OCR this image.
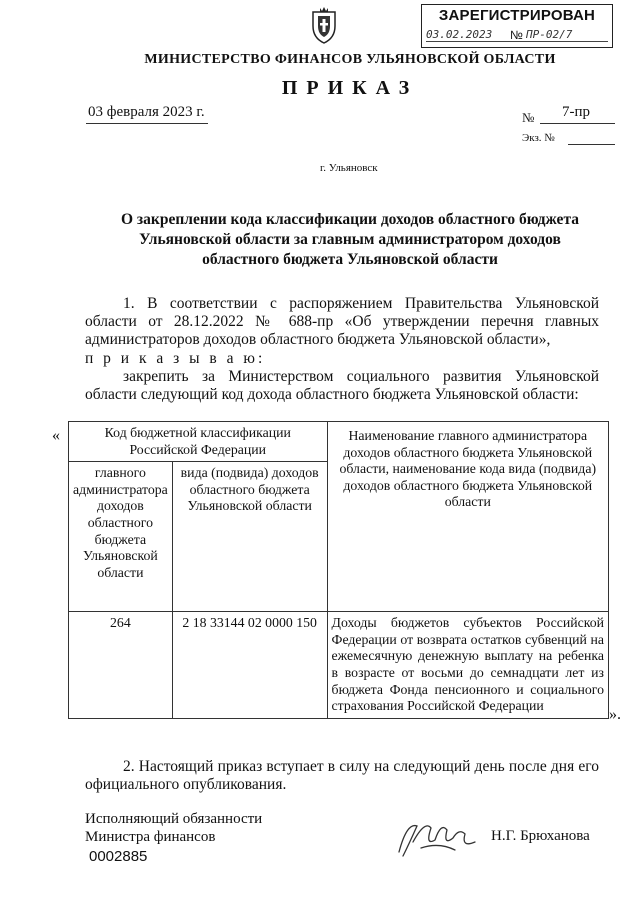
ЗАРЕГИСТРИРОВАН
03.02.2023 № ПР-02/7
МИНИСТЕРСТВО ФИНАНСОВ УЛЬЯНОВСКОЙ ОБЛАСТИ
ПРИКАЗ
03 февраля 2023 г.	№ 7-пр
Экз. №
г. Ульяновск
О закреплении кода классификации доходов областного бюджета
Ульяновской области за главным администратором доходов
областного бюджета Ульяновской области

1. В соответствии с распоряжением Правительства Ульяновской области от 28.12.2022 № 688-пр «Об утверждении перечня главных администраторов доходов областного бюджета Ульяновской области»,

п р и к а з ы в а ю:

закрепить за Министерством социального развития Ульяновской области следующий код дохода областного бюджета Ульяновской области:

«	Код бюджетной классификации Российской Федерации		Наименование главного администратора доходов областного бюджета Ульяновской области, наименование кода вида (подвида) доходов областного бюджета Ульяновской области
главного администратора доходов областного бюджета Ульяновской области	вида (подвида) доходов областного бюджета Ульяновской области	
264	2 18 33144 02 0000 150	Доходы бюджетов субъектов Российской Федерации от возврата остатков субвенций на ежемесячную денежную выплату на ребенка в возрасте от восьми до семнадцати лет из бюджета Фонда пенсионного и социального страхования Российской Федерации
».

2. Настоящий приказ вступает в силу на следующий день после дня его официального опубликования.

Исполняющий обязанности
Министра финансов	Н.Г. Брюханова
0002885
